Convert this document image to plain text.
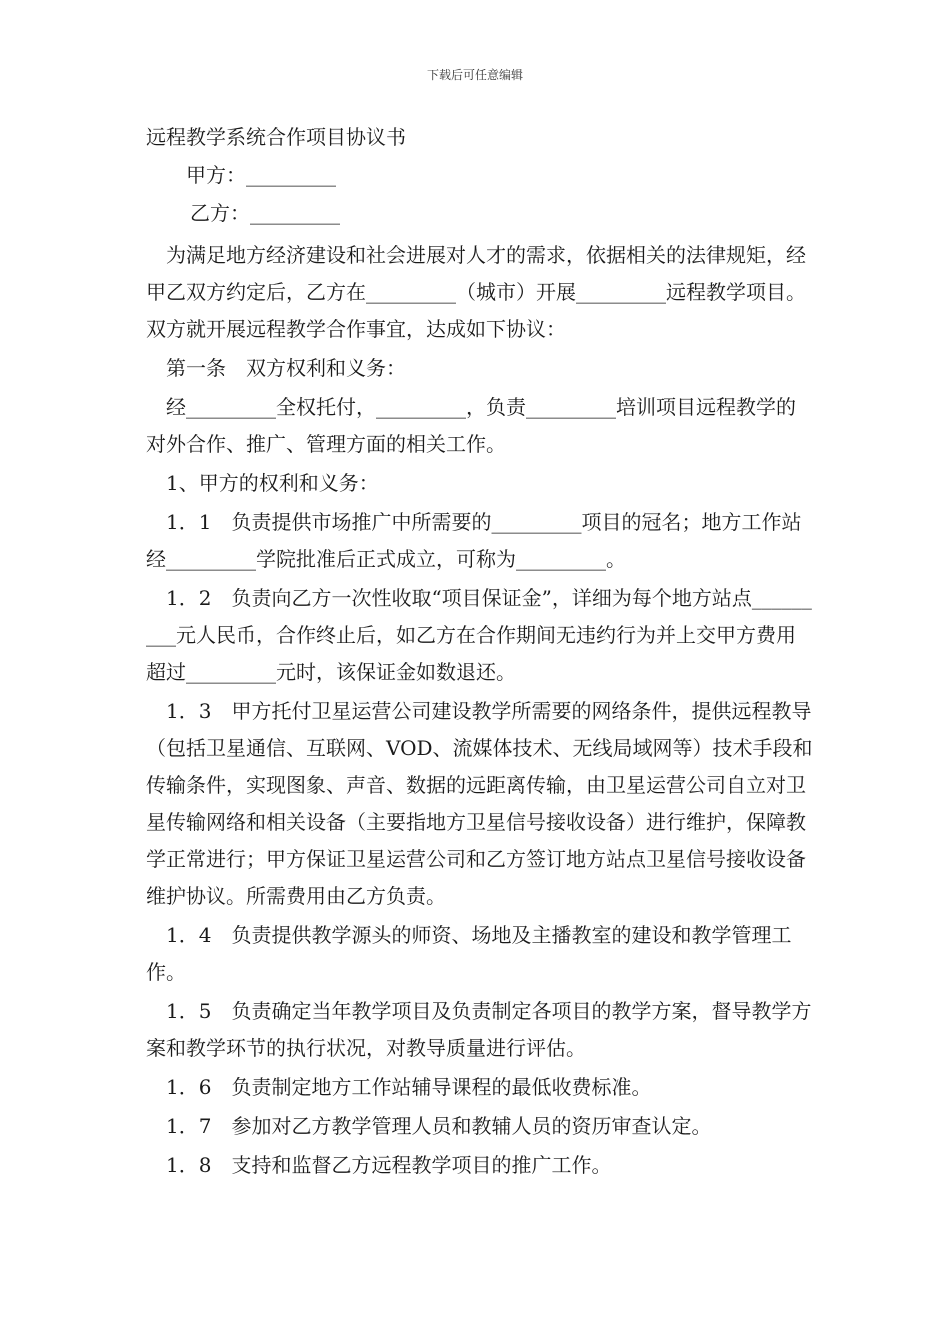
下载后可任意编辑

远程教学系统合作项目协议书

甲方：_________

乙方：_________

为满足地方经济建设和社会进展对人才的需求，依据相关的法律规矩，经甲乙双方约定后，乙方在_________（城市）开展_________远程教学项目。双方就开展远程教学合作事宜，达成如下协议：

第一条　双方权利和义务：

经_________全权托付，_________，负责_________培训项目远程教学的对外合作、推广、管理方面的相关工作。

1、甲方的权利和义务：

1．1　负责提供市场推广中所需要的_________项目的冠名；地方工作站经_________学院批准后正式成立，可称为_________。

1．2　负责向乙方一次性收取“项目保证金”，详细为每个地方站点_________元人民币，合作终止后，如乙方在合作期间无违约行为并上交甲方费用超过_________元时，该保证金如数退还。

1．3　甲方托付卫星运营公司建设教学所需要的网络条件，提供远程教导（包括卫星通信、互联网、VOD、流媒体技术、无线局域网等）技术手段和传输条件，实现图象、声音、数据的远距离传输，由卫星运营公司自立对卫星传输网络和相关设备（主要指地方卫星信号接收设备）进行维护，保障教学正常进行；甲方保证卫星运营公司和乙方签订地方站点卫星信号接收设备维护协议。所需费用由乙方负责。

1．4　负责提供教学源头的师资、场地及主播教室的建设和教学管理工作。

1．5　负责确定当年教学项目及负责制定各项目的教学方案，督导教学方案和教学环节的执行状况，对教导质量进行评估。

1．6　负责制定地方工作站辅导课程的最低收费标准。

1．7　参加对乙方教学管理人员和教辅人员的资历审查认定。

1．8　支持和监督乙方远程教学项目的推广工作。
